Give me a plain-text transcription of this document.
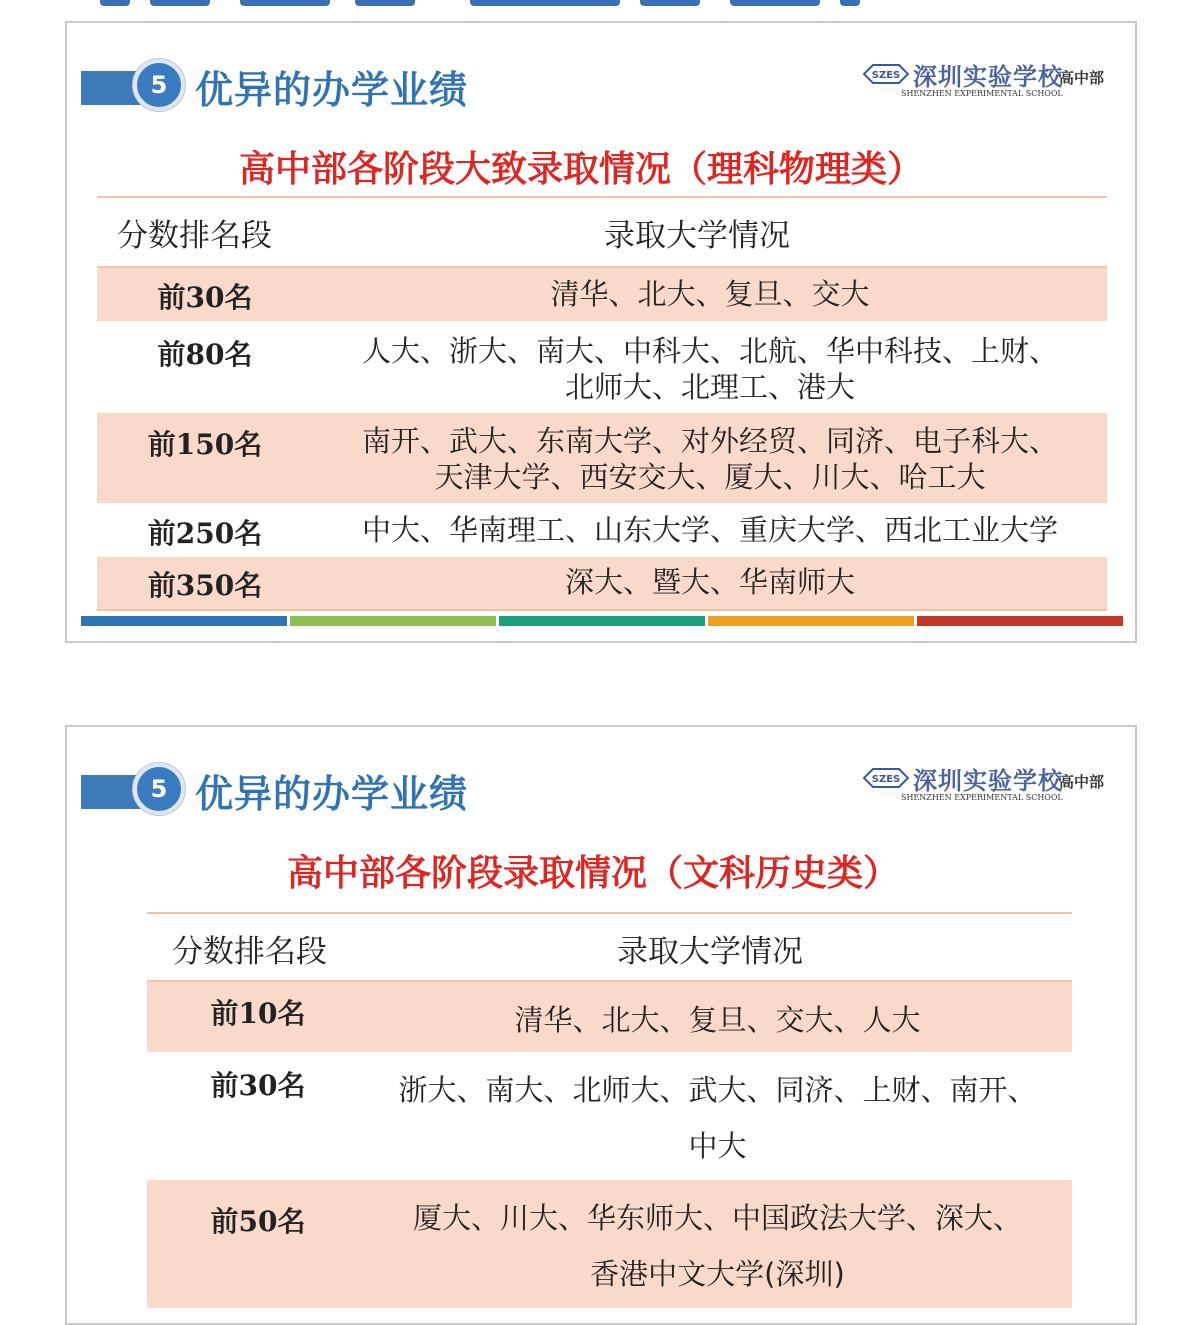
5 优异的办学业绩	SZES 深圳实验学校
高中部
SHENZHEN EXPERIMENTAL SCHOOL
高中部各阶段大致录取情况（理科物理类）
分数排名段	录取大学情况
前30名	清华、北大、复旦、交大
前80名	人大、浙大、南大、中科大、北航、华中科技、上财、
北师大、北理工、港大
前150名	南开、武大、东南大学、对外经贸、同济、电子科大、
天津大学、西安交大、厦大、川大、哈工大
前250名	中大、华南理工、山东大学、重庆大学、西北工业大学
前350名	深大、暨大、华南师大
5 优异的办学业绩	SZES 深圳实验学校
高中部
SHENZHEN EXPERIMENTAL SCHOOL
高中部各阶段录取情况（文科历史类）
分数排名段	录取大学情况
前10名	清华、北大、复旦、交大、人大
前30名	浙大、南大、北师大、武大、同济、上财、南开、
中大
前50名	厦大、川大、华东师大、中国政法大学、深大、
香港中文大学(深圳)
